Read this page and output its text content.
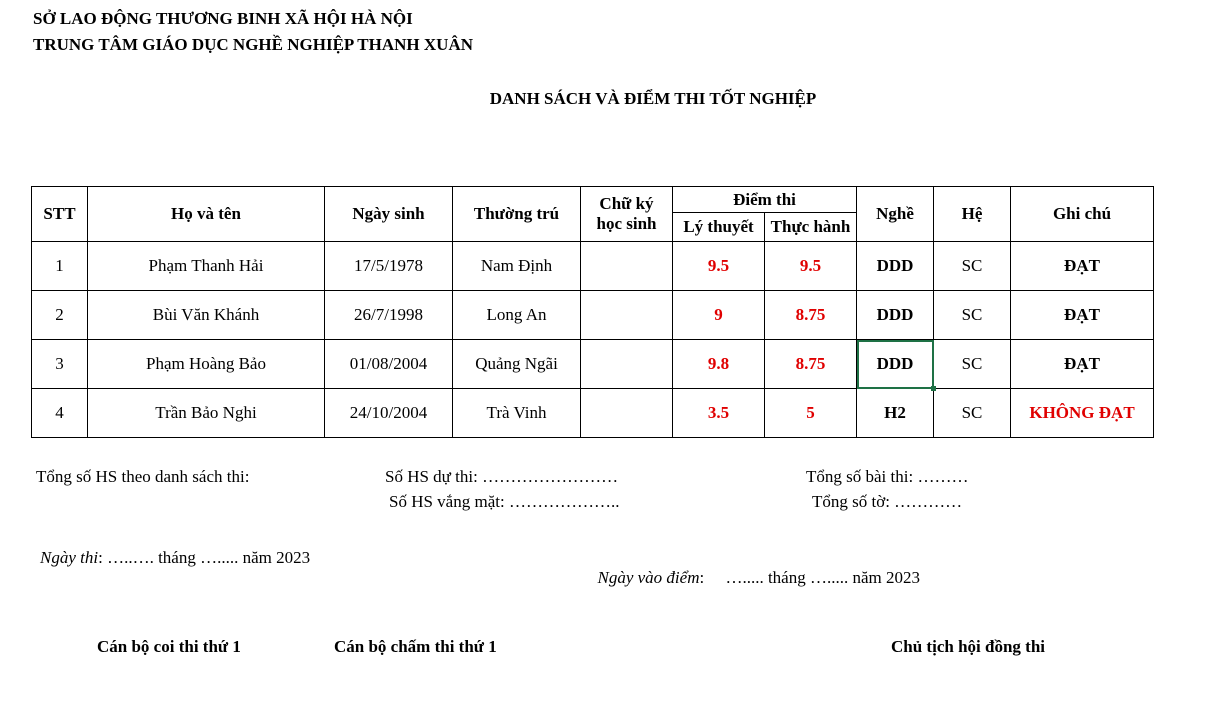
SỞ LAO ĐỘNG THƯƠNG BINH XÃ HỘI HÀ NỘI
TRUNG TÂM GIÁO DỤC NGHỀ NGHIỆP THANH XUÂN
DANH SÁCH VÀ ĐIỂM THI TỐT NGHIỆP
STT	Họ và tên	Ngày sinh	Thường trú	Chữ ký
học sinh	Điểm thi		Nghề	Hệ	Ghi chú
					Lý thuyết	Thực hành			
1	Phạm Thanh Hải	17/5/1978	Nam Định		9.5	9.5	DDD	SC	ĐẠT
2	Bùi Văn Khánh	26/7/1998	Long An		9	8.75	DDD	SC	ĐẠT
3	Phạm Hoàng Bảo	01/08/2004	Quảng Ngãi		9.8	8.75	DDD	SC	ĐẠT
4	Trần Bảo Nghi	24/10/2004	Trà Vinh		3.5	5	H2	SC	KHÔNG ĐẠT
Tổng số HS theo danh sách thi:	Số HS dự thi: ……………………
Số HS vắng mặt: ………………..
Tổng số bài thi: ………
Tổng số tờ: …………
Ngày thi: …..…. tháng …..... năm 2023

Ngày vào điểm:     …..... tháng …..... năm 2023

Cán bộ coi thi thứ 1	Cán bộ chấm thi thứ 1	Chủ tịch hội đồng thi
